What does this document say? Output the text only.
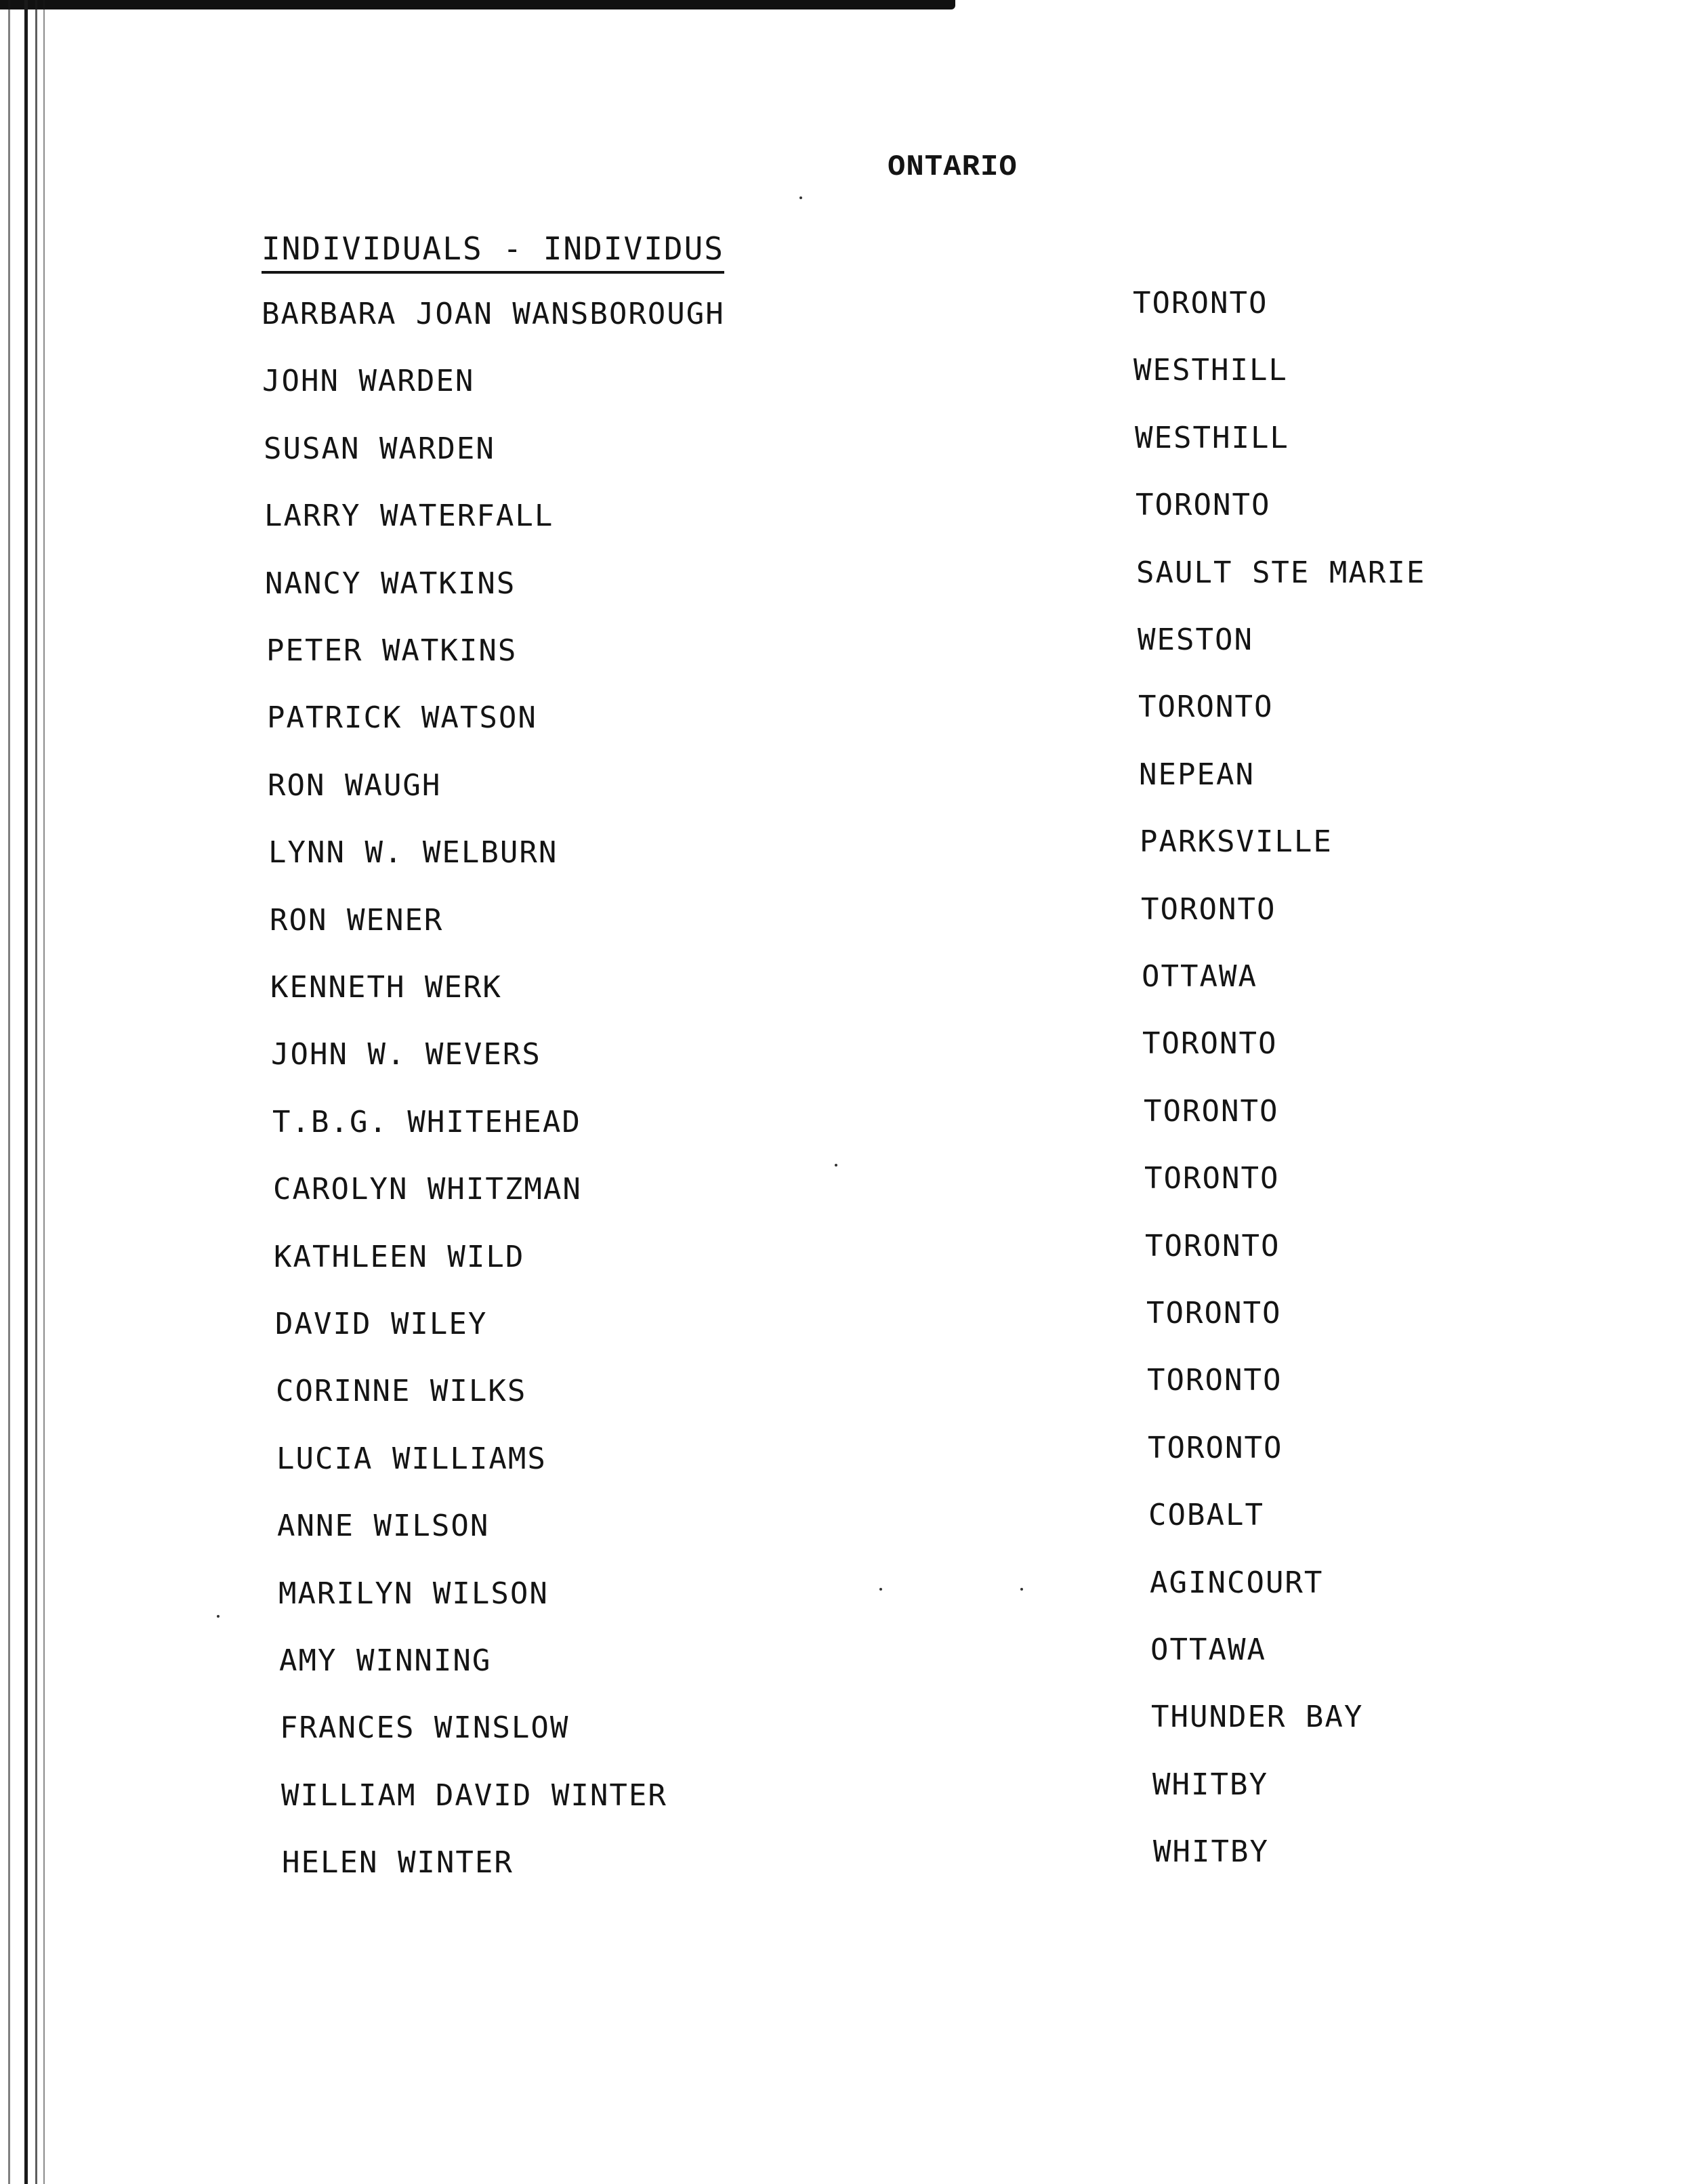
ONTARIO
INDIVIDUALS - INDIVIDUS
BARBARA JOAN WANSBOROUGH	TORONTO
JOHN WARDEN	WESTHILL
SUSAN WARDEN	WESTHILL
LARRY WATERFALL	TORONTO
NANCY WATKINS	SAULT STE MARIE
PETER WATKINS	WESTON
PATRICK WATSON	TORONTO
RON WAUGH	NEPEAN
LYNN W. WELBURN	PARKSVILLE
RON WENER	TORONTO
KENNETH WERK	OTTAWA
JOHN W. WEVERS	TORONTO
T.B.G. WHITEHEAD	TORONTO
CAROLYN WHITZMAN	TORONTO
KATHLEEN WILD	TORONTO
DAVID WILEY	TORONTO
CORINNE WILKS	TORONTO
LUCIA WILLIAMS	TORONTO
ANNE WILSON	COBALT
MARILYN WILSON	AGINCOURT
AMY WINNING	OTTAWA
FRANCES WINSLOW	THUNDER BAY
WILLIAM DAVID WINTER	WHITBY
HELEN WINTER	WHITBY
